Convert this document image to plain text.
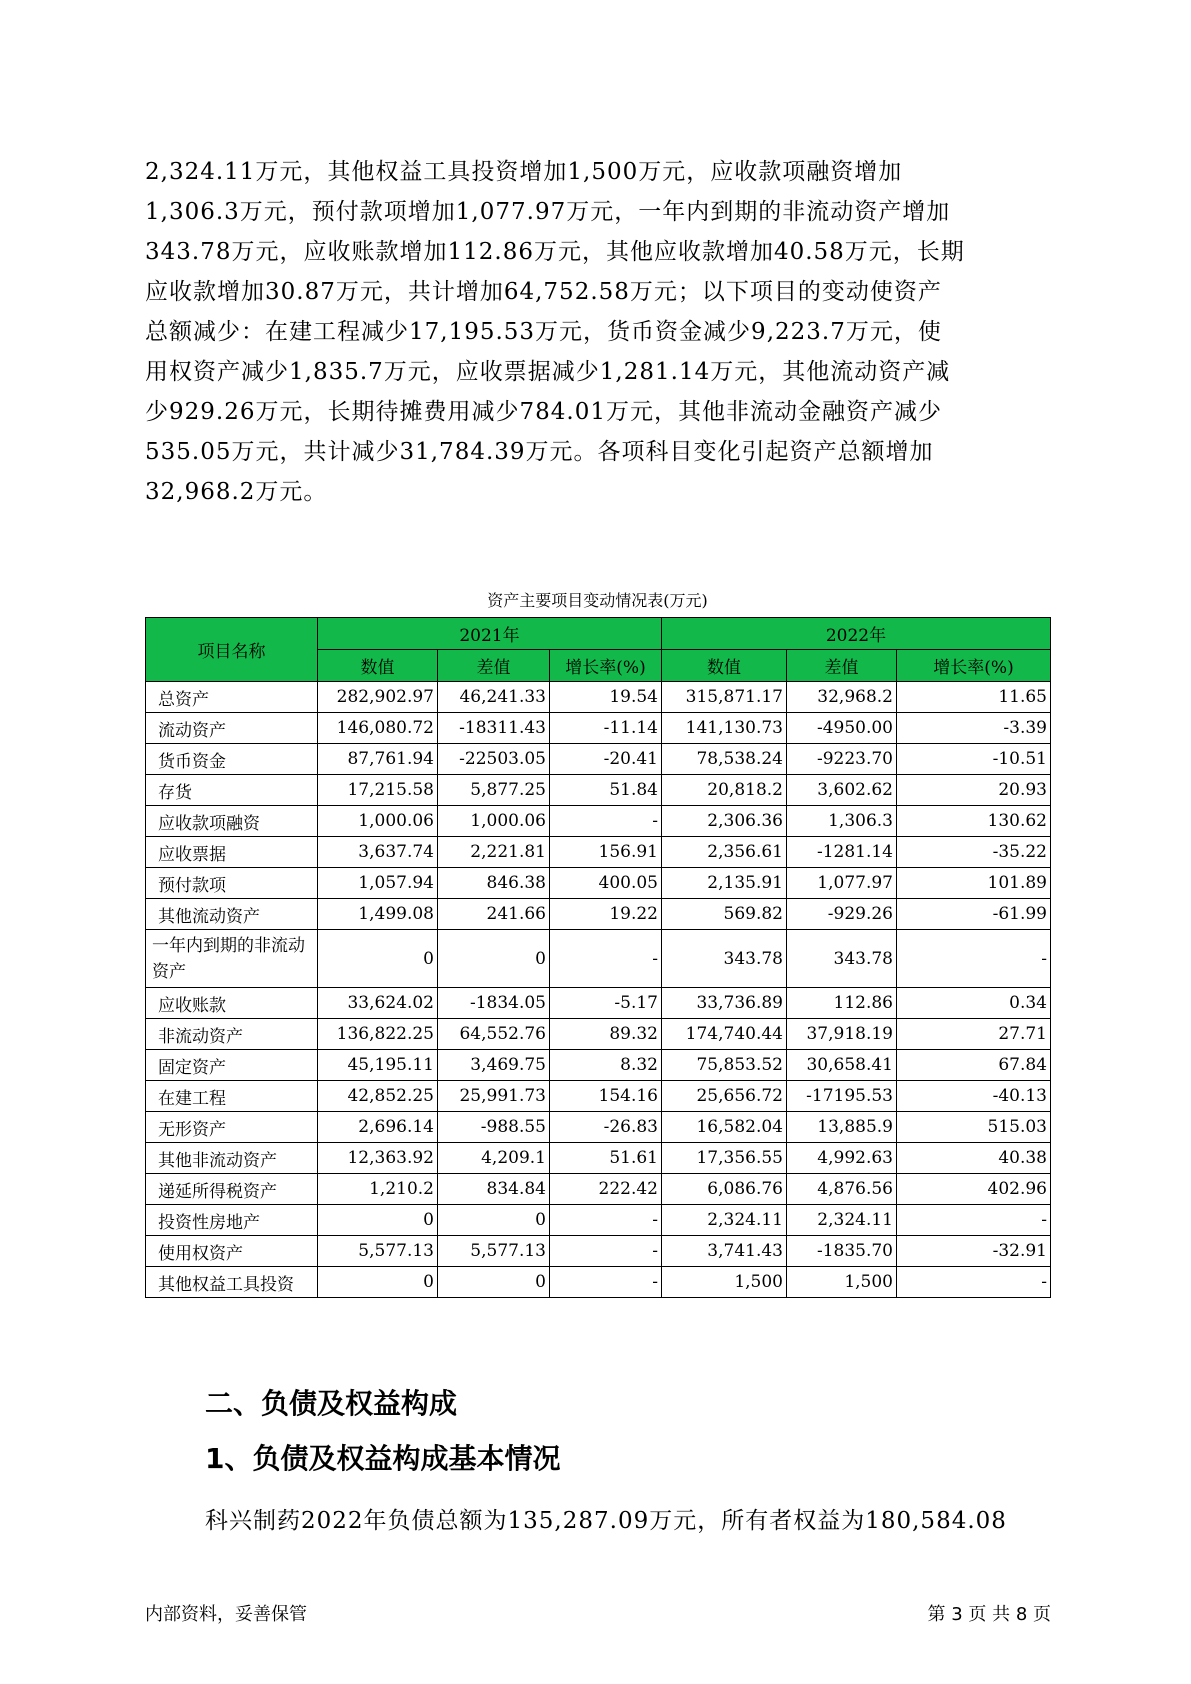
2,324.11万元，其他权益工具投资增加1,500万元，应收款项融资增加

1,306.3万元，预付款项增加1,077.97万元，一年内到期的非流动资产增加

343.78万元，应收账款增加112.86万元，其他应收款增加40.58万元，长期

应收款增加30.87万元，共计增加64,752.58万元；以下项目的变动使资产

总额减少：在建工程减少17,195.53万元，货币资金减少9,223.7万元，使

用权资产减少1,835.7万元，应收票据减少1,281.14万元，其他流动资产减

少929.26万元，长期待摊费用减少784.01万元，其他非流动金融资产减少

535.05万元，共计减少31,784.39万元。各项科目变化引起资产总额增加

32,968.2万元。

资产主要项目变动情况表(万元)
项目名称	2021年			2022年		
	数值	差值	增长率(%)	数值	差值	增长率(%)
总资产	282,902.97	46,241.33	19.54	315,871.17	32,968.2	11.65
流动资产	146,080.72	-18311.43	-11.14	141,130.73	-4950.00	-3.39
货币资金	87,761.94	-22503.05	-20.41	78,538.24	-9223.70	-10.51
存货	17,215.58	5,877.25	51.84	20,818.2	3,602.62	20.93
应收款项融资	1,000.06	1,000.06	-	2,306.36	1,306.3	130.62
应收票据	3,637.74	2,221.81	156.91	2,356.61	-1281.14	-35.22
预付款项	1,057.94	846.38	400.05	2,135.91	1,077.97	101.89
其他流动资产	1,499.08	241.66	19.22	569.82	-929.26	-61.99
一年内到期的非流动资产	0	0	-	343.78	343.78	-
应收账款	33,624.02	-1834.05	-5.17	33,736.89	112.86	0.34
非流动资产	136,822.25	64,552.76	89.32	174,740.44	37,918.19	27.71
固定资产	45,195.11	3,469.75	8.32	75,853.52	30,658.41	67.84
在建工程	42,852.25	25,991.73	154.16	25,656.72	-17195.53	-40.13
无形资产	2,696.14	-988.55	-26.83	16,582.04	13,885.9	515.03
其他非流动资产	12,363.92	4,209.1	51.61	17,356.55	4,992.63	40.38
递延所得税资产	1,210.2	834.84	222.42	6,086.76	4,876.56	402.96
投资性房地产	0	0	-	2,324.11	2,324.11	-
使用权资产	5,577.13	5,577.13	-	3,741.43	-1835.70	-32.91
其他权益工具投资	0	0	-	1,500	1,500	-
二、负债及权益构成
1、负债及权益构成基本情况

科兴制药2022年负债总额为135,287.09万元，所有者权益为180,584.08

内部资料，妥善保管	第 3 页 共 8 页
